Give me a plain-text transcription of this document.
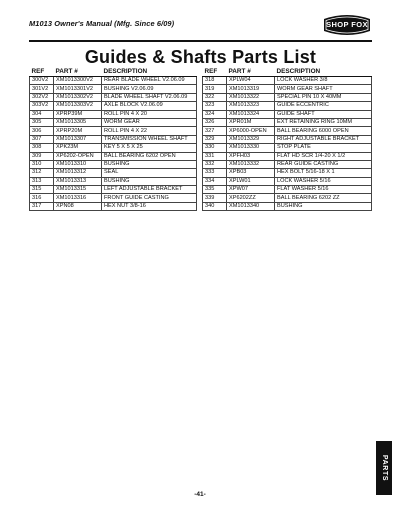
M1013 Owner's Manual (Mfg. Since 6/09)	SHOP FOX
Guides & Shafts Parts List
REF	PART #	DESCRIPTION
300V2	XM1013300V2	REAR BLADE WHEEL V2.06.09
301V2	XM1013301V2	BUSHING V2.06.09
302V2	XM1013302V2	BLADE WHEEL SHAFT V2.06.09
303V2	XM1013303V2	AXLE BLOCK V2.06.09
304	XPRP39M	ROLL PIN 4 X 20
305	XM1013305	WORM GEAR
306	XPRP20M	ROLL PIN 4 X 22
307	XM1013307	TRANSMISSION WHEEL SHAFT
308	XPK23M	KEY 5 X 5 X 25
309	XP6202-OPEN	BALL BEARING 6202 OPEN
310	XM1013310	BUSHING
312	XM1013312	SEAL
313	XM1013313	BUSHING
315	XM1013315	LEFT ADJUSTABLE BRACKET
316	XM1013316	FRONT GUIDE CASTING
317	XPN08	HEX NUT 3/8-16
REF	PART #	DESCRIPTION
318	XPLW04	LOCK WASHER 3/8
319	XM1013319	WORM GEAR SHAFT
322	XM1013322	SPECIAL PIN 10 X 40MM
323	XM1013323	GUIDE ECCENTRIC
324	XM1013324	GUIDE SHAFT
326	XPR01M	EXT RETAINING RING 10MM
327	XP6000-OPEN	BALL BEARING 6000 OPEN
329	XM1013329	RIGHT ADJUSTABLE BRACKET
330	XM1013330	STOP PLATE
331	XPFH03	FLAT HD SCR 1/4-20 X 1/2
332	XM1013332	REAR GUIDE CASTING
333	XPB03	HEX BOLT 5/16-18 X 1
334	XPLW01	LOCK WASHER 5/16
335	XPW07	FLAT WASHER 5/16
339	XP6202ZZ	BALL BEARING 6202 ZZ
340	XM1013340	BUSHING
PARTS
-41-
